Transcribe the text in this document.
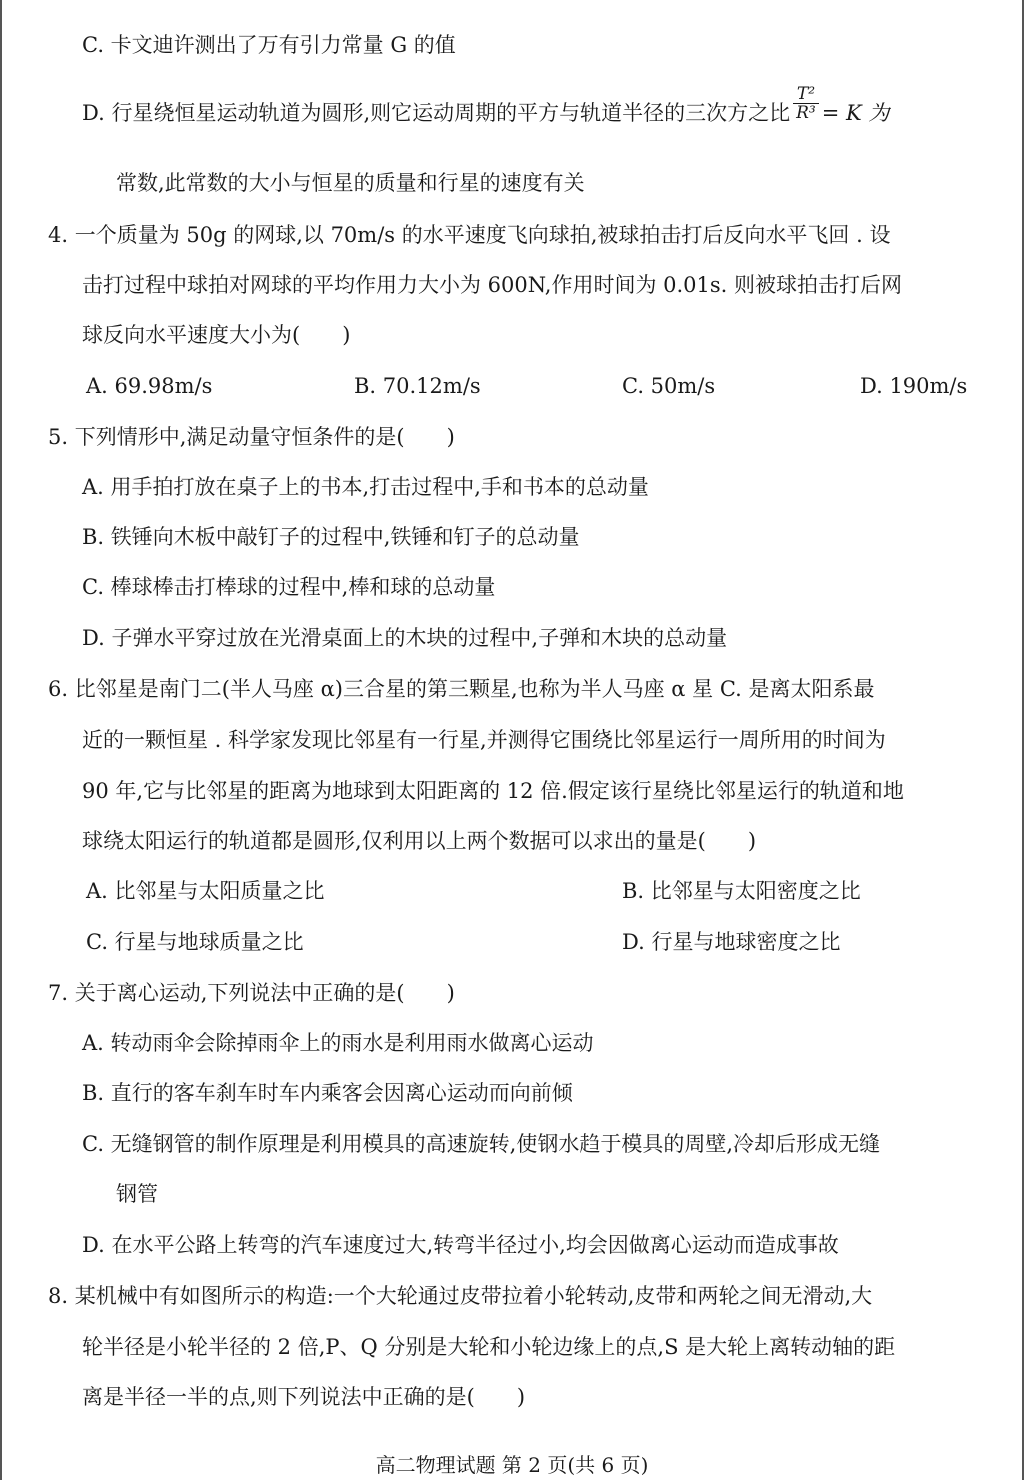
C. 卡文迪许测出了万有引力常量 G 的值
D. 行星绕恒星运动轨道为圆形,则它运动周期的平方与轨道半径的三次方之比 $\frac{\text{T²}}{\text{R³}} = K$ 为
常数,此常数的大小与恒星的质量和行星的速度有关
4. 一个质量为 50g 的网球,以 70m/s 的水平速度飞向球拍,被球拍击打后反向水平飞回 . 设
击打过程中球拍对网球的平均作用力大小为 600N,作用时间为 0.01s. 则被球拍击打后网
球反向水平速度大小为(　　)
A. 69.98m/s	B. 70.12m/s	C. 50m/s	D. 190m/s
5. 下列情形中,满足动量守恒条件的是(　　)
A. 用手拍打放在桌子上的书本,打击过程中,手和书本的总动量
B. 铁锤向木板中敲钉子的过程中,铁锤和钉子的总动量
C. 棒球棒击打棒球的过程中,棒和球的总动量
D. 子弹水平穿过放在光滑桌面上的木块的过程中,子弹和木块的总动量
6. 比邻星是南门二(半人马座 α)三合星的第三颗星,也称为半人马座 α 星 C. 是离太阳系最
近的一颗恒星 . 科学家发现比邻星有一行星,并测得它围绕比邻星运行一周所用的时间为
90 年,它与比邻星的距离为地球到太阳距离的 12 倍.假定该行星绕比邻星运行的轨道和地
球绕太阳运行的轨道都是圆形,仅利用以上两个数据可以求出的量是(　　)
A. 比邻星与太阳质量之比	B. 比邻星与太阳密度之比
C. 行星与地球质量之比	D. 行星与地球密度之比
7. 关于离心运动,下列说法中正确的是(　　)
A. 转动雨伞会除掉雨伞上的雨水是利用雨水做离心运动
B. 直行的客车刹车时车内乘客会因离心运动而向前倾
C. 无缝钢管的制作原理是利用模具的高速旋转,使钢水趋于模具的周壁,冷却后形成无缝
钢管
D. 在水平公路上转弯的汽车速度过大,转弯半径过小,均会因做离心运动而造成事故
8. 某机械中有如图所示的构造:一个大轮通过皮带拉着小轮转动,皮带和两轮之间无滑动,大
轮半径是小轮半径的 2 倍,P、Q 分别是大轮和小轮边缘上的点,S 是大轮上离转动轴的距
离是半径一半的点,则下列说法中正确的是(　　)
高二物理试题 第 2 页(共 6 页)
